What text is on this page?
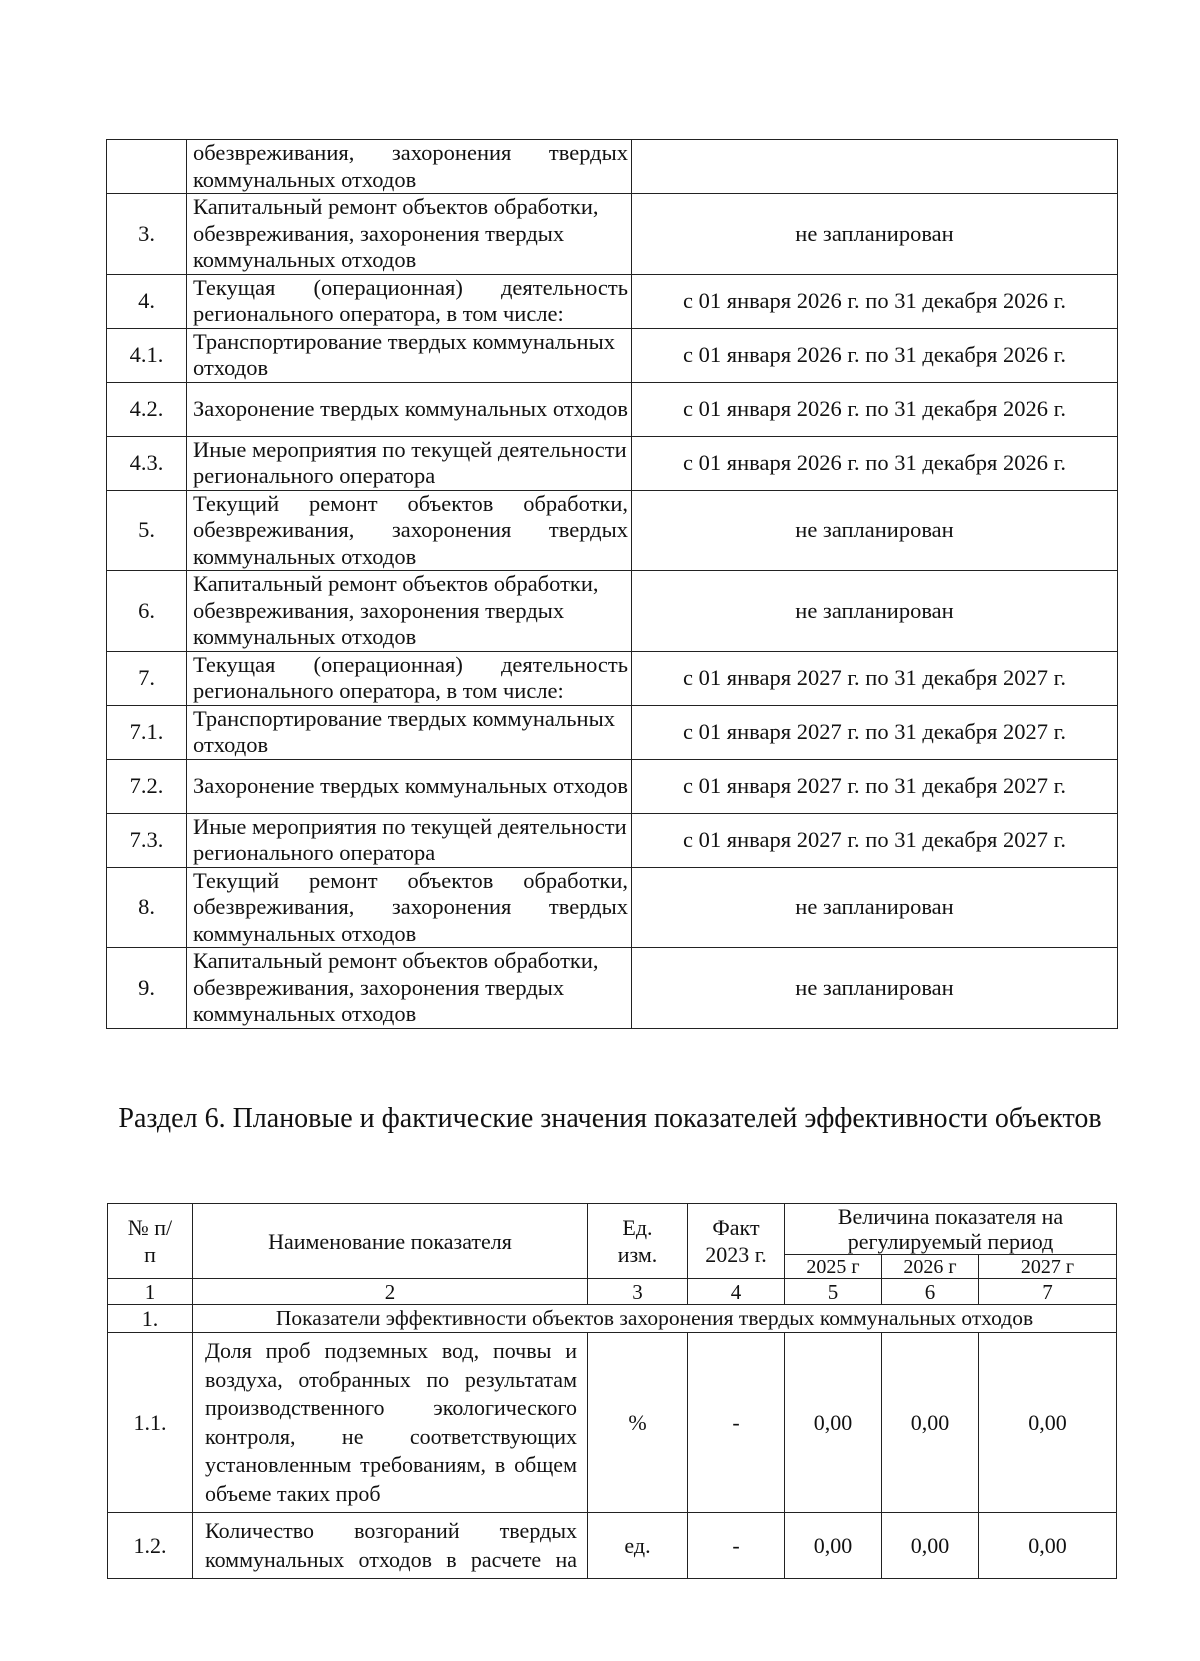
	обезвреживания, захоронения твердых коммунальных отходов	
3.	Капитальный ремонт объектов обработки, обезвреживания, захоронения твердых коммунальных отходов	не запланирован
4.	Текущая (операционная) деятельность регионального оператора, в том числе:	с 01 января 2026 г. по 31 декабря 2026 г.
4.1.	Транспортирование твердых коммунальных отходов	с 01 января 2026 г. по 31 декабря 2026 г.
4.2.	Захоронение твердых коммунальных отходов	с 01 января 2026 г. по 31 декабря 2026 г.
4.3.	Иные мероприятия по текущей деятельности регионального оператора	с 01 января 2026 г. по 31 декабря 2026 г.
5.	Текущий ремонт объектов обработки, обезвреживания, захоронения твердых коммунальных отходов	не запланирован
6.	Капитальный ремонт объектов обработки, обезвреживания, захоронения твердых коммунальных отходов	не запланирован
7.	Текущая (операционная) деятельность регионального оператора, в том числе:	с 01 января 2027 г. по 31 декабря 2027 г.
7.1.	Транспортирование твердых коммунальных отходов	с 01 января 2027 г. по 31 декабря 2027 г.
7.2.	Захоронение твердых коммунальных отходов	с 01 января 2027 г. по 31 декабря 2027 г.
7.3.	Иные мероприятия по текущей деятельности регионального оператора	с 01 января 2027 г. по 31 декабря 2027 г.
8.	Текущий ремонт объектов обработки, обезвреживания, захоронения твердых коммунальных отходов	не запланирован
9.	Капитальный ремонт объектов обработки, обезвреживания, захоронения твердых коммунальных отходов	не запланирован
Раздел 6. Плановые и фактические значения показателей эффективности объектов
№ п/п	Наименование показателя	Ед. изм.	Факт 2023 г.	Величина показателя на регулируемый период		
				2025 г	2026 г	2027 г
1	2	3	4	5	6	7
1.	Показатели эффективности объектов захоронения твердых коммунальных отходов					
1.1.	Доля проб подземных вод, почвы и воздуха, отобранных по результатам производственного экологического контроля, не соответствующих установленным требованиям, в общем объеме таких проб	%	-	0,00	0,00	0,00
1.2.	Количество возгораний твердых коммунальных отходов в расчете на	ед.	-	0,00	0,00	0,00
